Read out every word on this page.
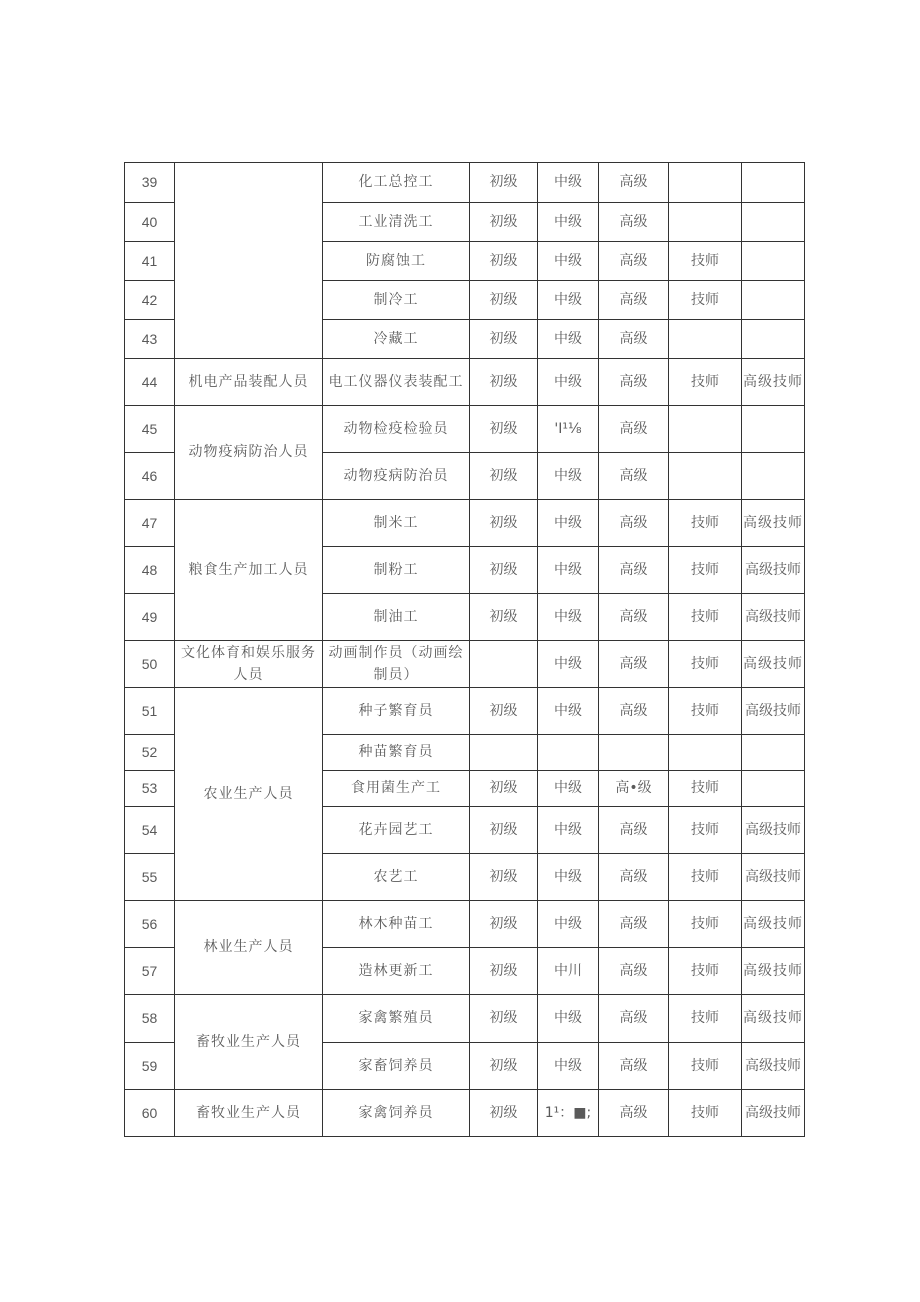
39		化工总控工	初级	中级	高级		
40		工业清洗工	初级	中级	高级		
41		防腐蚀工	初级	中级	高级	技师	
42		制冷工	初级	中级	高级	技师	
43		冷藏工	初级	中级	高级		
44	机电产品装配人员	电工仪器仪表装配工	初级	中级	高级	技师	高级技师
45	动物疫病防治人员	动物检疫检验员	初级	'I¹⅛	高级		
46		动物疫病防治员	初级	中级	高级		
47	粮食生产加工人员	制米工	初级	中级	高级	技师	高级技师
48		制粉工	初级	中级	高级	技师	高级技师
49		制油工	初级	中级	高级	技师	高级技师
50	文化体育和娱乐服务人员	动画制作员（动画绘制员）		中级	高级	技师	高级技师
51	农业生产人员	种子繁育员	初级	中级	高级	技师	高级技师
52		种苗繁育员					
53		食用菌生产工	初级	中级	高•级	技师	
54		花卉园艺工	初级	中级	高级	技师	高级技师
55		农艺工	初级	中级	高级	技师	高级技师
56	林业生产人员	林木种苗工	初级	中级	高级	技师	高级技师
57		造林更新工	初级	中川	高级	技师	高级技师
58	畜牧业生产人员	家禽繁殖员	初级	中级	高级	技师	高级技师
59		家畜饲养员	初级	中级	高级	技师	高级技师
60	畜牧业生产人员	家禽饲养员	初级	1¹：■;	高级	技师	高级技师
